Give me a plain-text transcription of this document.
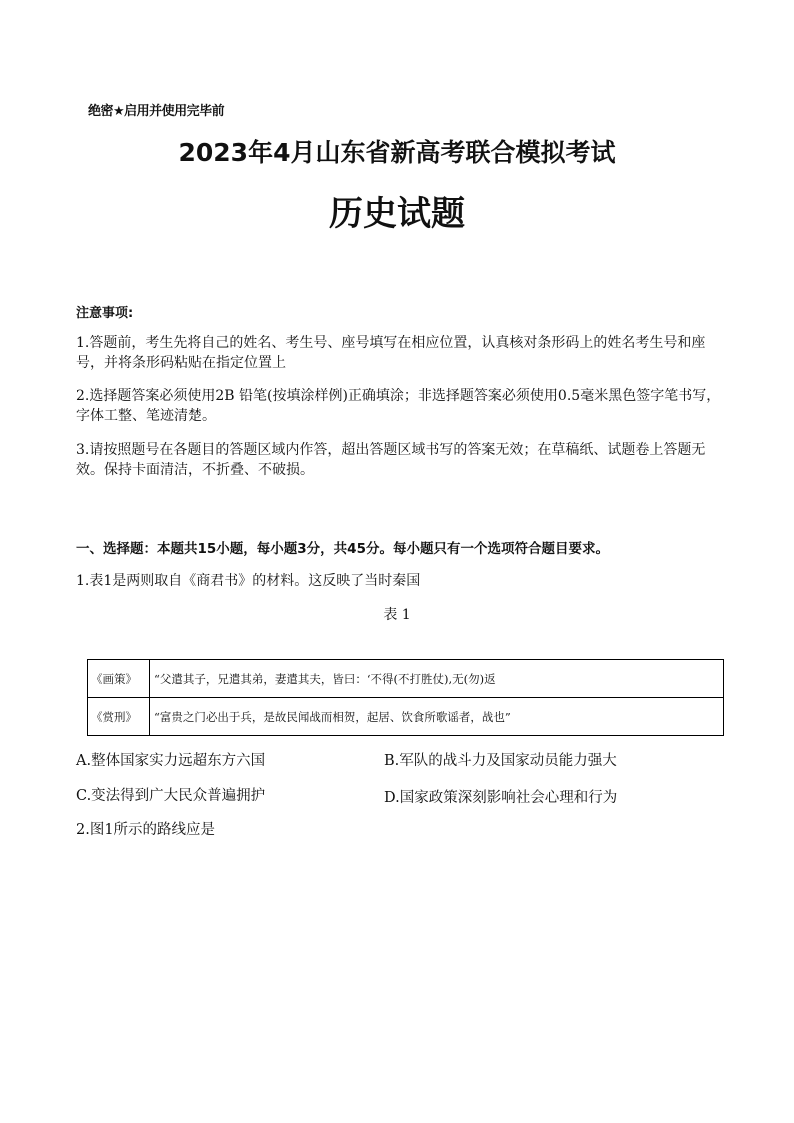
绝密★启用并使用完毕前
2023年4月山东省新高考联合模拟考试
历史试题
注意事项:
1.答题前，考生先将自己的姓名、考生号、座号填写在相应位置，认真核对条形码上的姓名考生号和座号，并将条形码粘贴在指定位置上
2.选择题答案必须使用2B 铅笔(按填涂样例)正确填涂；非选择题答案必须使用0.5毫米黑色签字笔书写，字体工整、笔迹清楚。
3.请按照题号在各题目的答题区域内作答，超出答题区域书写的答案无效；在草稿纸、试题卷上答题无效。保持卡面清洁，不折叠、不破损。
一、选择题：本题共15小题，每小题3分，共45分。每小题只有一个选项符合题目要求。
1.表1是两则取自《商君书》的材料。这反映了当时秦国
表 1
《画策》	“父遣其子，兄遣其弟，妻遣其夫，皆曰：‘不得(不打胜仗),无(勿)返
《赏刑》	“富贵之门必出于兵，是故民闻战而相贺，起居、饮食所歌谣者，战也”
A.整体国家实力远超东方六国	B.军队的战斗力及国家动员能力强大
C.变法得到广大民众普遍拥护	D.国家政策深刻影响社会心理和行为
2.图1所示的路线应是
